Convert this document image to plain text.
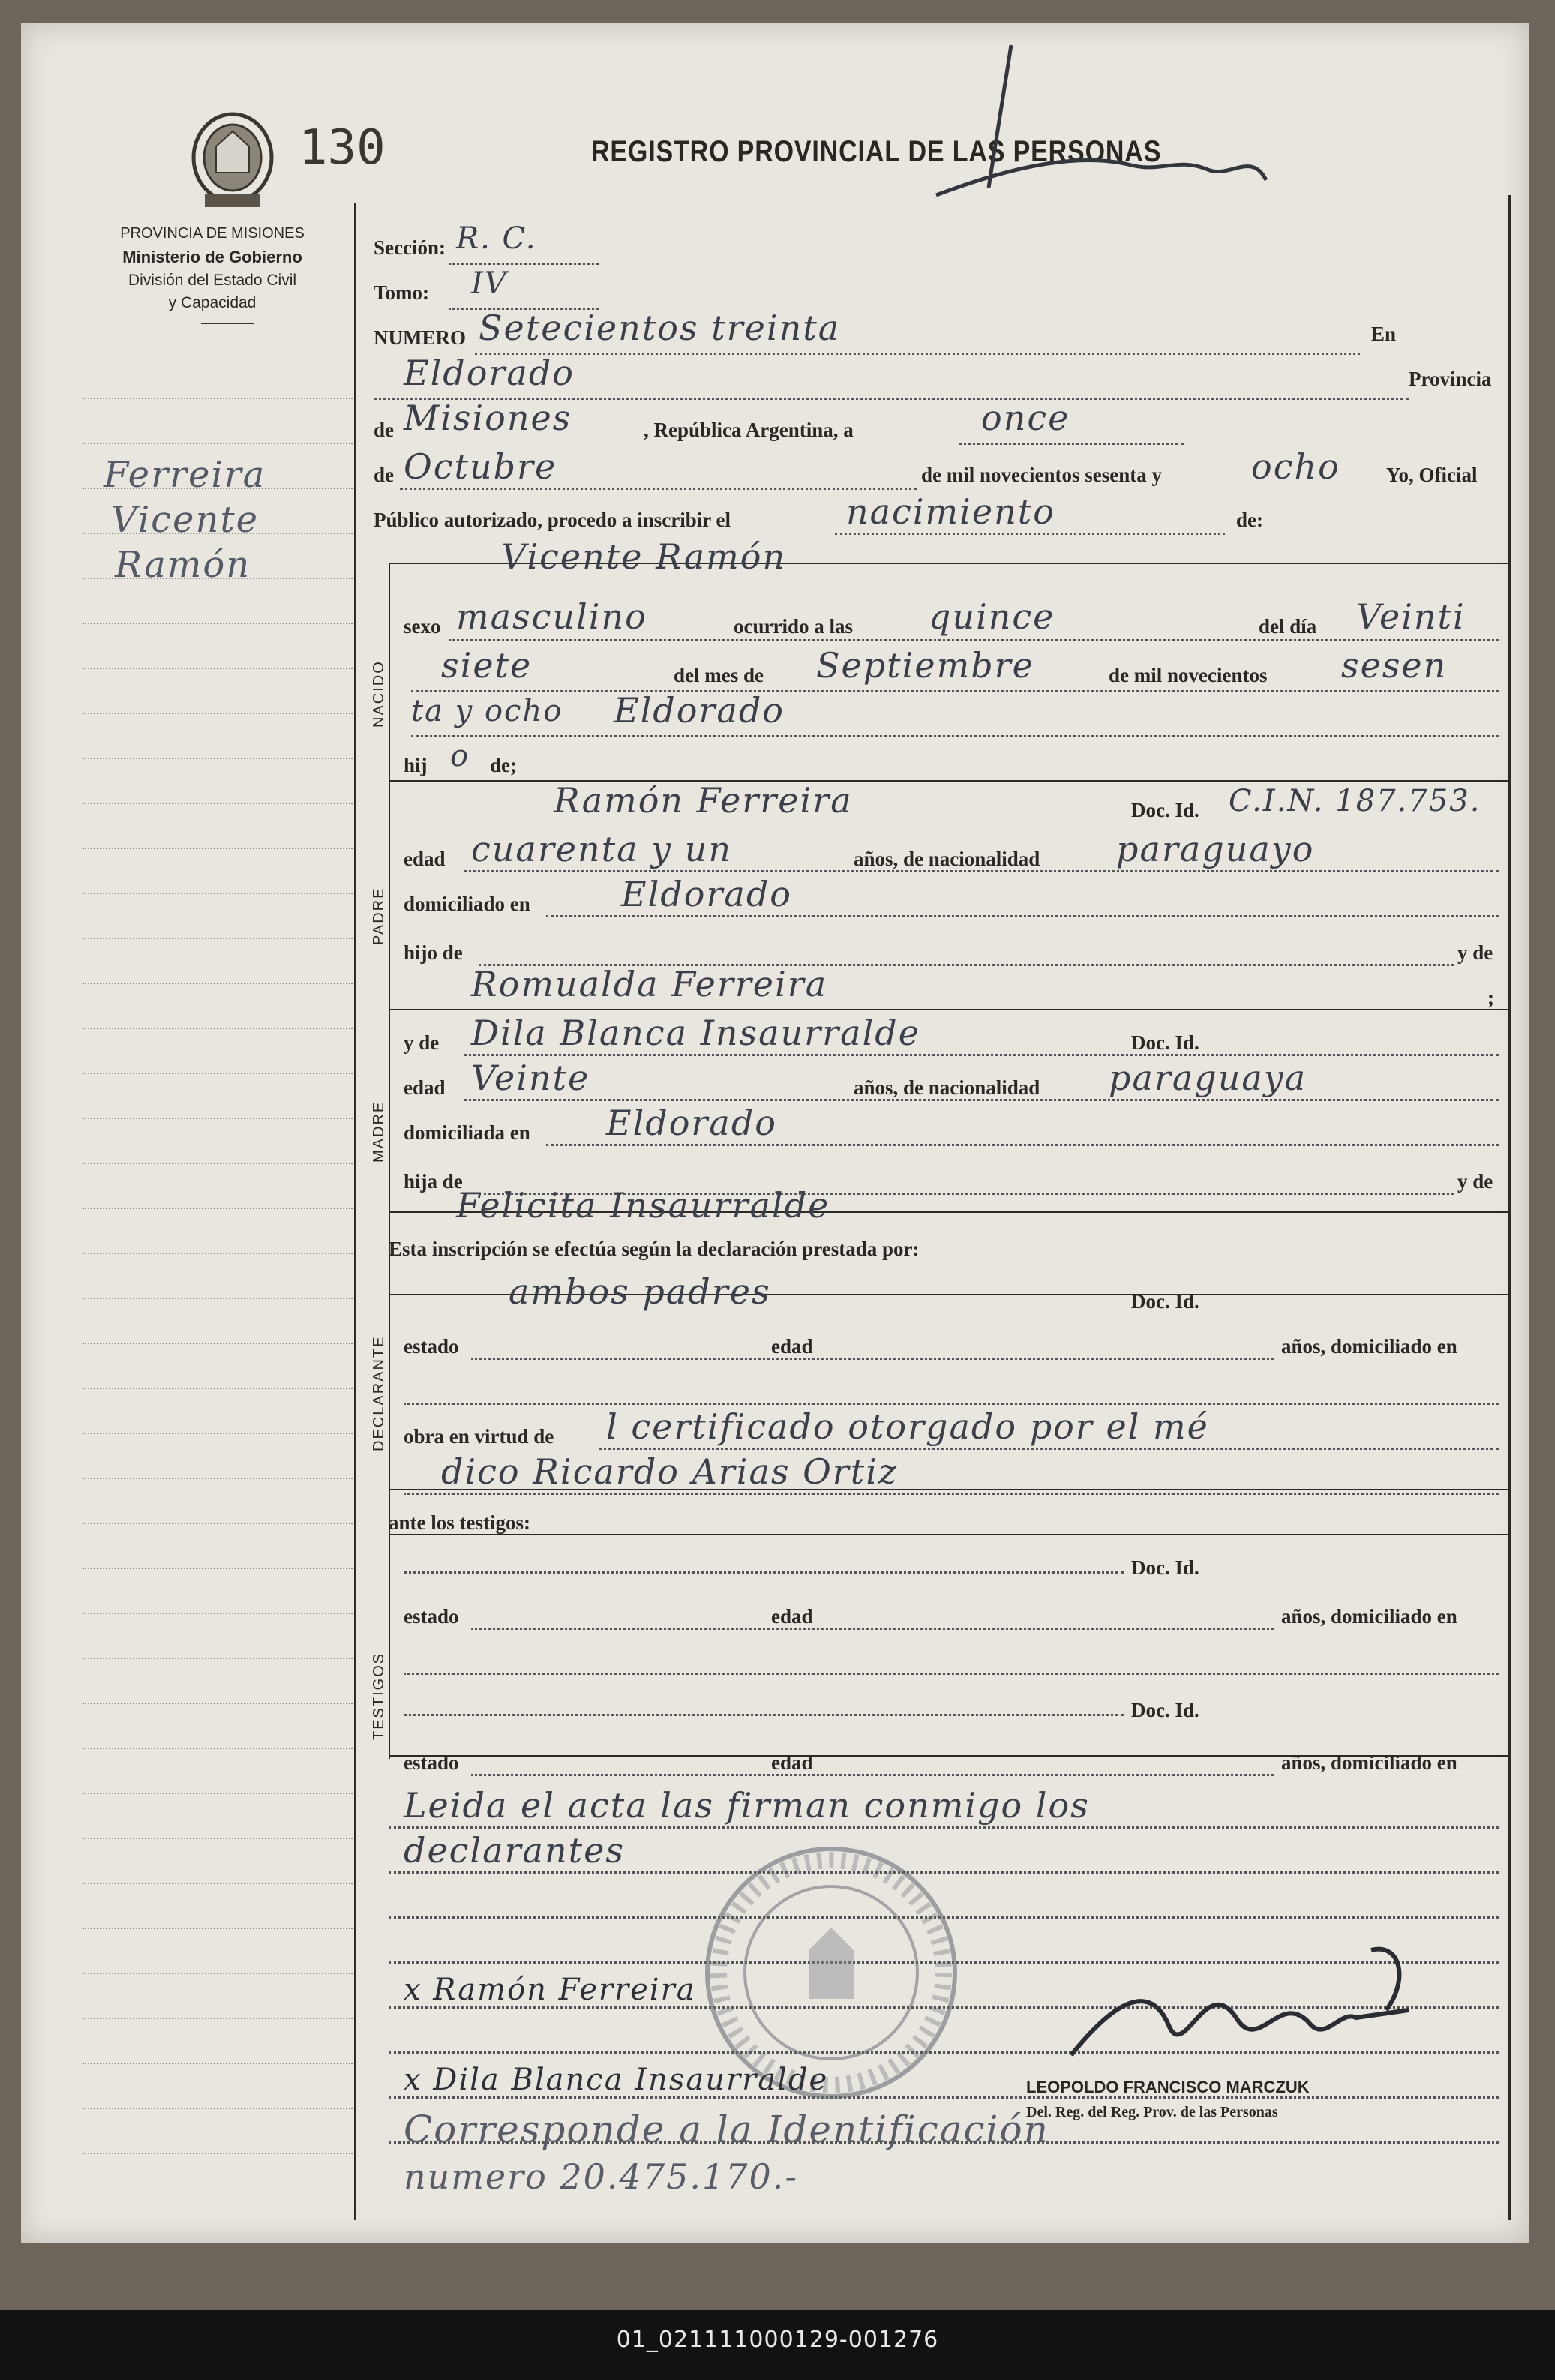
130	REGISTRO PROVINCIAL DE LAS PERSONAS
PROVINCIA DE MISIONES
Ministerio de Gobierno
División del Estado Civil
y Capacidad
Ferreira
Vicente
Ramón
NACIDO
PADRE
MADRE
DECLARANTE
TESTIGOS
Sección: R. C.
Tomo: IV
NUMERO Setecientos treinta	En
Eldorado	Provincia
de Misiones	, República Argentina, a	once
de Octubre	de mil novecientos sesenta y	ocho Yo, Oficial
Público autorizado, procedo a inscribir el	nacimiento	de:
Vicente Ramón
sexo masculino	ocurrido a las quince	del día Veinti
siete	del mes de Septiembre	de mil novecientos sesen
ta y ocho Eldorado
hij o de;
Ramón Ferreira	Doc. Id. C.I.N. 187.753.
edad cuarenta y un	años, de nacionalidad paraguayo
domiciliado en	Eldorado
hijo de	y de
Romualda Ferreira	;
y de Dila Blanca Insaurralde	Doc. Id.
edad Veinte	años, de nacionalidad paraguaya
domiciliada en Eldorado
hija de	y de
Felicita Insaurralde
Esta inscripción se efectúa según la declaración prestada por:
ambos padres	Doc. Id.
estado	edad	años, domiciliado en
obra en virtud de l certificado otorgado por el mé
dico Ricardo Arias Ortiz
ante los testigos:
Doc. Id.
estado	edad	años, domiciliado en
Doc. Id.
estado	edad	años, domiciliado en
Leida el acta las firman conmigo los
declarantes
x Ramón Ferreira
x Dila Blanca Insaurralde	LEOPOLDO FRANCISCO MARCZUK
Del. Reg. del Reg. Prov. de las Personas
Corresponde a la Identificación
numero 20.475.170.-
01_021111000129-001276
